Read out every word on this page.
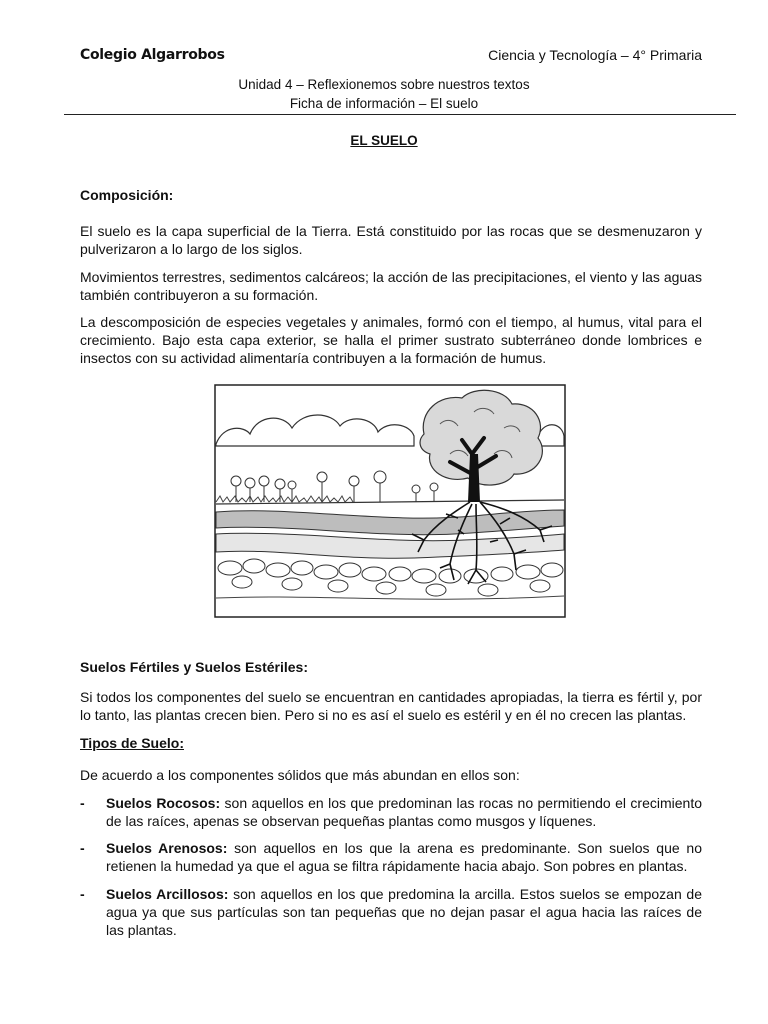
Colegio Algarrobos	Ciencia y Tecnología – 4° Primaria
Unidad 4 – Reflexionemos sobre nuestros textos
Ficha de información – El suelo
EL SUELO
Composición:
El suelo es la capa superficial de la Tierra. Está constituido por las rocas que se desmenuzaron y pulverizaron a lo largo de los siglos.
Movimientos terrestres, sedimentos calcáreos; la acción de las precipitaciones, el viento y las aguas también contribuyeron a su formación.
La descomposición de especies vegetales y animales, formó con el tiempo, al humus, vital para el crecimiento. Bajo esta capa exterior, se halla el primer sustrato subterráneo donde lombrices e insectos con su actividad alimentaría contribuyen a la formación de humus.
Suelos Fértiles y Suelos Estériles:
Si todos los componentes del suelo se encuentran en cantidades apropiadas, la tierra es fértil y, por lo tanto, las plantas crecen bien. Pero si no es así el suelo es estéril y en él no crecen las plantas.
Tipos de Suelo:
De acuerdo a los componentes sólidos que más abundan en ellos son:
- Suelos Rocosos: son aquellos en los que predominan las rocas no permitiendo el crecimiento de las raíces, apenas se observan pequeñas plantas como musgos y líquenes.
- Suelos Arenosos: son aquellos en los que la arena es predominante. Son suelos que no retienen la humedad ya que el agua se filtra rápidamente hacia abajo. Son pobres en plantas.
- Suelos Arcillosos: son aquellos en los que predomina la arcilla. Estos suelos se empozan de agua ya que sus partículas son tan pequeñas que no dejan pasar el agua hacia las raíces de las plantas.
